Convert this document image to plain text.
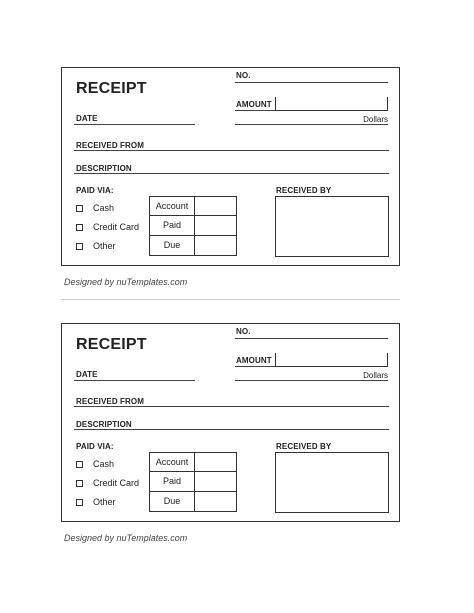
RECEIPT
NO.
AMOUNT
Dollars
DATE
RECEIVED FROM
DESCRIPTION
PAID VIA:
Cash
Credit Card
Other
Account
Paid
Due
RECEIVED BY
Designed by nuTemplates.com
RECEIPT
NO.
AMOUNT
Dollars
DATE
RECEIVED FROM
DESCRIPTION
PAID VIA:
Cash
Credit Card
Other
Account
Paid
Due
RECEIVED BY
Designed by nuTemplates.com
